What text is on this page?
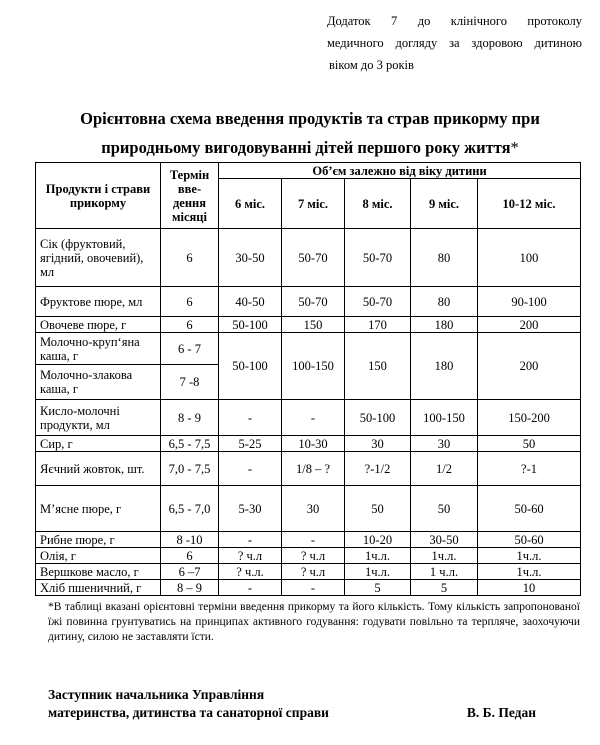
Додаток 7 до клінічного протоколу

медичного догляду за здоровою дитиною

віком до 3 років

Орієнтовна схема введення продуктів та страв прикорму при
природньому вигодовуванні дітей першого року життя*
Продукти і страви прикорму	Термін вве-дення місяці	Об’єм залежно від віку дитини				
		6 міс.	7 міс.	8 міс.	9 міс.	10-12 міс.
Сік (фруктовий, ягідний, овочевий), мл	6	30-50	50-70	50-70	80	100
Фруктове пюре, мл	6	40-50	50-70	50-70	80	90-100
Овочеве пюре, г	6	50-100	150	170	180	200
Молочно-круп‘яна каша, г	6 - 7	50-100	100-150	150	180	200
Молочно-злакова каша, г	7 -8					
Кисло-молочні продукти, мл	8 - 9	-	-	50-100	100-150	150-200
Сир, г	6,5 - 7,5	5-25	10-30	30	30	50
Яєчний жовток, шт.	7,0 - 7,5	-	1/8 – ?	?-1/2	1/2	?-1
М’ясне пюре, г	6,5 - 7,0	5-30	30	50	50	50-60
Рибне пюре, г	8 -10	-	-	10-20	30-50	50-60
Олія, г	6	? ч.л	? ч.л	1ч.л.	1ч.л.	1ч.л.
Вершкове масло, г	6 –7	? ч.л.	? ч.л	1ч.л.	1 ч.л.	1ч.л.
Хліб пшеничний, г	8 – 9	-	-	5	5	10

*В таблиці вказані орієнтовні терміни введення прикорму та його кількість. Тому кількість запропонованої їжі повинна грунтуватись на принципах активного годування: годувати повільно та терпляче, заохочуючи дитину, силою не заставляти їсти.

Заступник начальника Управління
материнства, дитинства та санаторної справи	В. Б. Педан
